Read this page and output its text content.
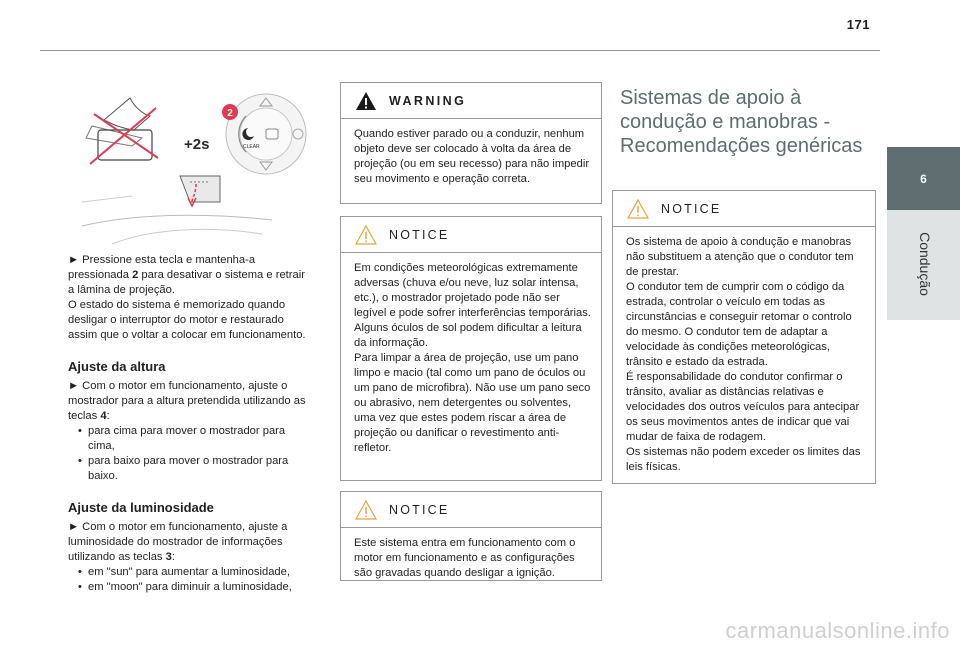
171
6
Condução
CLEAR
+2s
2
► Pressione esta tecla e mantenha-a
pressionada 2 para desativar o sistema e retrair
a lâmina de projeção.
O estado do sistema é memorizado quando
desligar o interruptor do motor e restaurado
assim que o voltar a colocar em funcionamento.
Ajuste da altura
► Com o motor em funcionamento, ajuste o
mostrador para a altura pretendida utilizando as
teclas 4:
• para cima para mover o mostrador para cima,
• para baixo para mover o mostrador para baixo.
Ajuste da luminosidade
► Com o motor em funcionamento, ajuste a
luminosidade do mostrador de informações
utilizando as teclas 3:
• em "sun" para aumentar a luminosidade,
• em "moon" para diminuir a luminosidade,
WARNING
Quando estiver parado ou a conduzir, nenhum objeto deve ser colocado à volta da área de projeção (ou em seu recesso) para não impedir seu movimento e operação correta.
NOTICE
Em condições meteorológicas extremamente adversas (chuva e/ou neve, luz solar intensa, etc.), o mostrador projetado pode não ser legível e pode sofrer interferências temporárias.
Alguns óculos de sol podem dificultar a leitura da informação.
Para limpar a área de projeção, use um pano limpo e macio (tal como um pano de óculos ou um pano de microfibra). Não use um pano seco ou abrasivo, nem detergentes ou solventes, uma vez que estes podem riscar a área de projeção ou danificar o revestimento anti-refletor.
NOTICE
Este sistema entra em funcionamento com o motor em funcionamento e as configurações são gravadas quando desligar a ignição.
Sistemas de apoio à condução e manobras - Recomendações genéricas
NOTICE
Os sistema de apoio à condução e manobras não substituem a atenção que o condutor tem de prestar.
O condutor tem de cumprir com o código da estrada, controlar o veículo em todas as circunstâncias e conseguir retomar o controlo do mesmo. O condutor tem de adaptar a velocidade às condições meteorológicas, trânsito e estado da estrada.
É responsabilidade do condutor confirmar o trânsito, avaliar as distâncias relativas e velocidades dos outros veículos para antecipar os seus movimentos antes de indicar que vai mudar de faixa de rodagem.
Os sistemas não podem exceder os limites das leis físicas.
carmanualsonline.info
